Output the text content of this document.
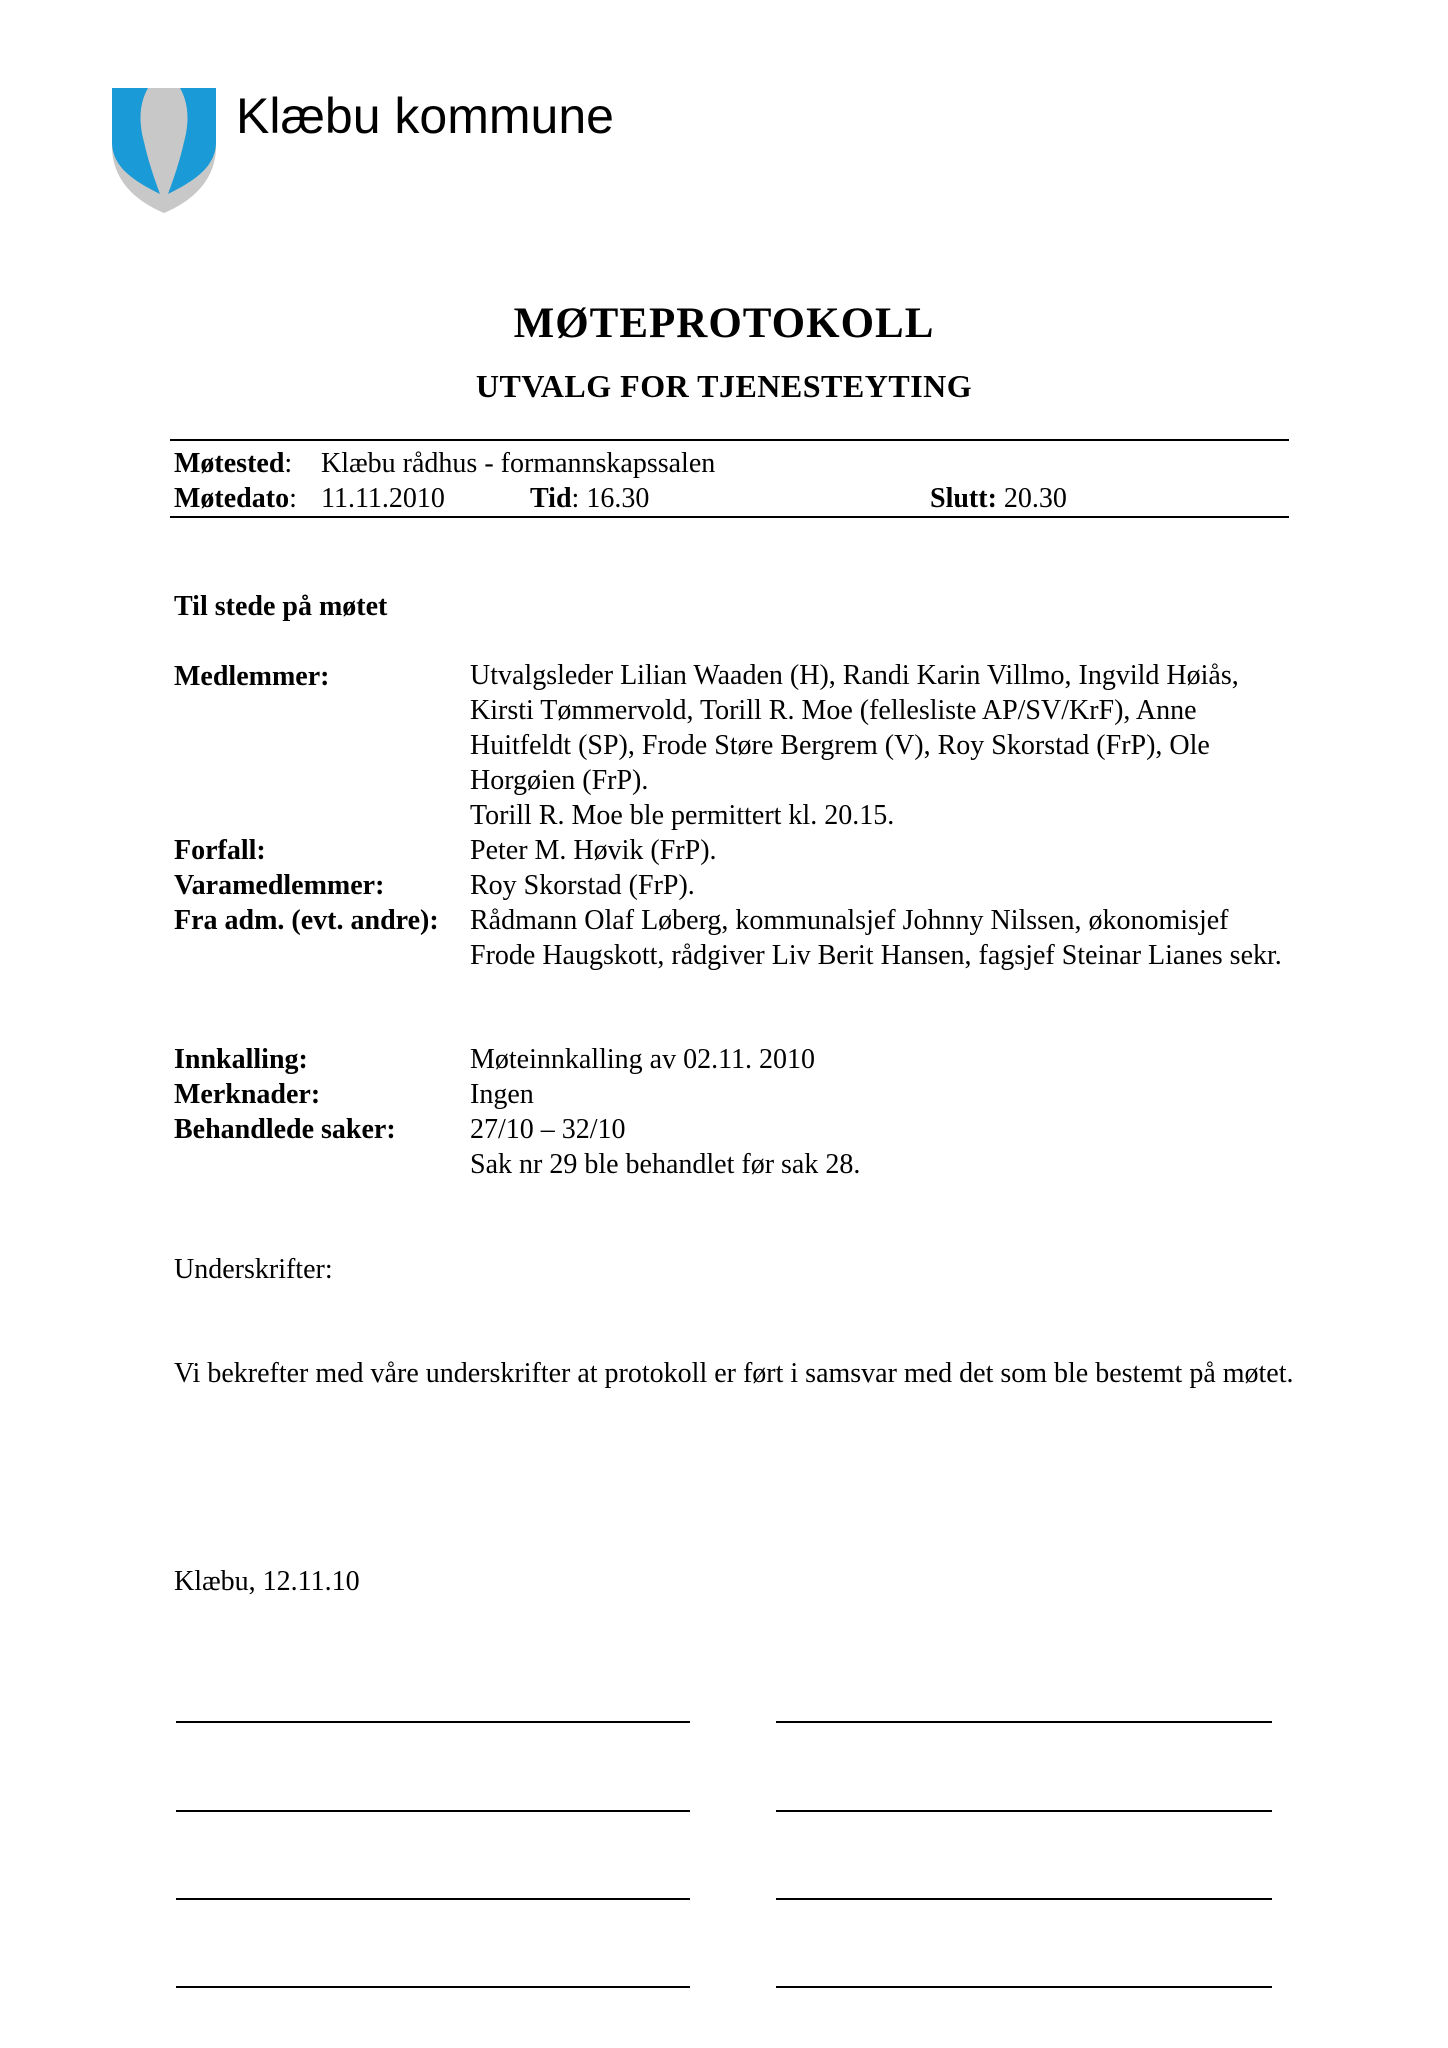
Klæbu kommune
MØTEPROTOKOLL
UTVALG FOR TJENESTEYTING
Møtested: Klæbu rådhus - formannskapssalen
Møtedato: 11.11.2010	Tid: 16.30	Slutt: 20.30
Til stede på møtet
Medlemmer:	Utvalgsleder Lilian Waaden (H), Randi Karin Villmo, Ingvild Høiås, Kirsti Tømmervold, Torill R. Moe (fellesliste AP/SV/KrF), Anne Huitfeldt (SP), Frode Støre Bergrem (V), Roy Skorstad (FrP), Ole Horgøien (FrP).
Torill R. Moe ble permittert kl. 20.15.
Forfall:	Peter M. Høvik (FrP).
Varamedlemmer:	Roy Skorstad (FrP).
Fra adm. (evt. andre): Rådmann Olaf Løberg, kommunalsjef Johnny Nilssen, økonomisjef Frode Haugskott, rådgiver Liv Berit Hansen, fagsjef Steinar Lianes sekr.
Innkalling:	Møteinnkalling av 02.11. 2010
Merknader:	Ingen
Behandlede saker:	27/10 – 32/10
Sak nr 29 ble behandlet før sak 28.
Underskrifter:
Vi bekrefter med våre underskrifter at protokoll er ført i samsvar med det som ble bestemt på møtet.
Klæbu, 12.11.10
